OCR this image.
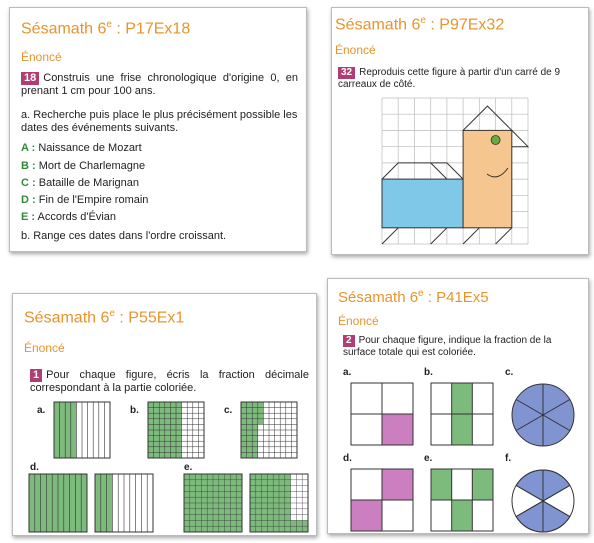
Sésamath 6e : P17Ex18
Énoncé
18 Construis une frise chronologique d'origine 0, en prenant 1 cm pour 100 ans.
a. Recherche puis place le plus précisément possible les dates des événements suivants.
A : Naissance de Mozart
B : Mort de Charlemagne
C : Bataille de Marignan
D : Fin de l'Empire romain
E : Accords d'Évian
b. Range ces dates dans l'ordre croissant.
Sésamath 6e : P97Ex32
Énoncé
32 Reproduis cette figure à partir d'un carré de 9 carreaux de côté.
Sésamath 6e : P55Ex1
Énoncé
1 Pour chaque figure, écris la fraction décimale correspondant à la partie coloriée.
a.	b.	c.
d.	e.
Sésamath 6e : P41Ex5
Énoncé
2 Pour chaque figure, indique la fraction de la surface totale qui est coloriée.
a.	b.	c.
d.	e.	f.
